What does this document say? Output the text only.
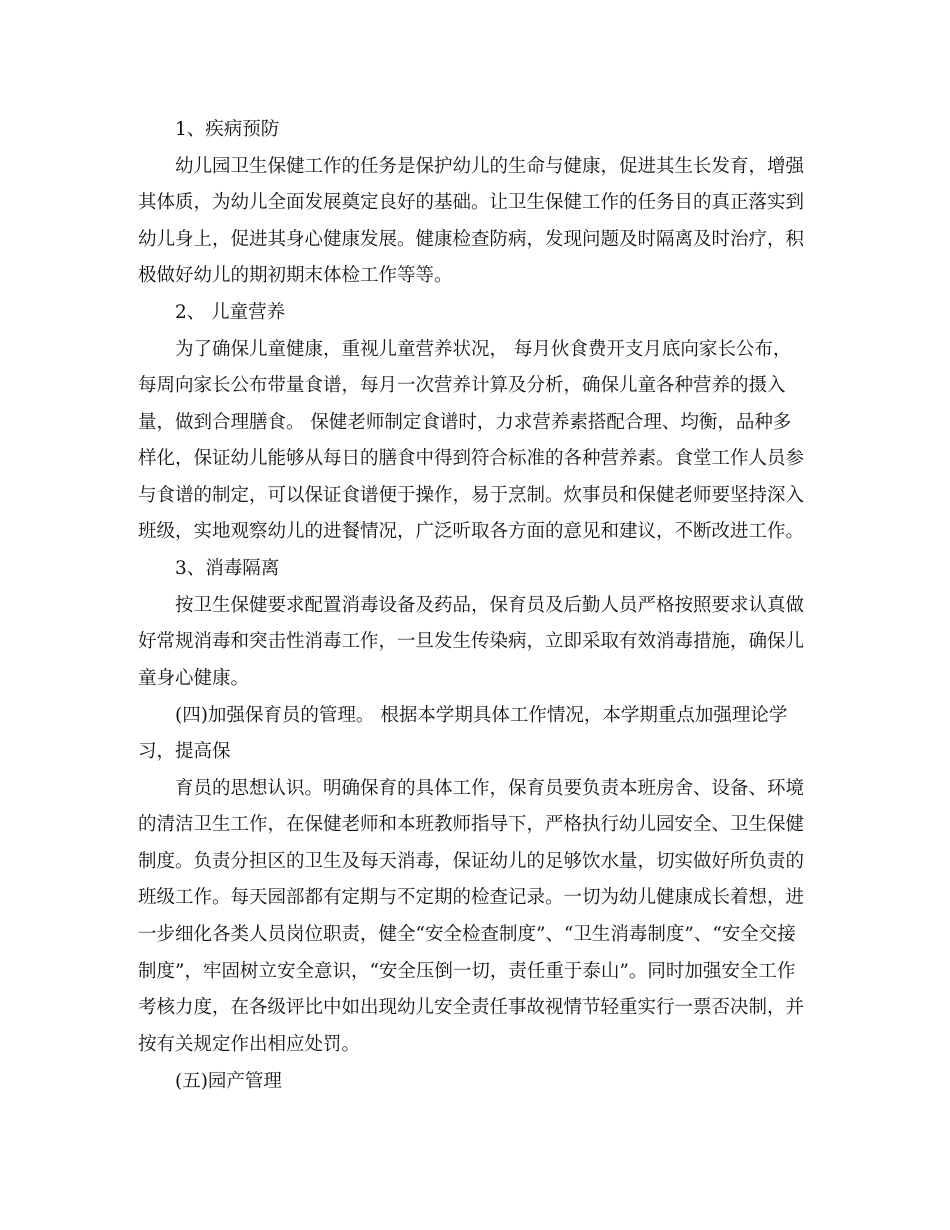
1、疾病预防
幼儿园卫生保健工作的任务是保护幼儿的生命与健康，促进其生长发育，增强
其体质，为幼儿全面发展奠定良好的基础。让卫生保健工作的任务目的真正落实到
幼儿身上，促进其身心健康发展。健康检查防病，发现问题及时隔离及时治疗，积
极做好幼儿的期初期末体检工作等等。
2、 儿童营养
为了确保儿童健康，重视儿童营养状况， 每月伙食费开支月底向家长公布，
每周向家长公布带量食谱，每月一次营养计算及分析，确保儿童各种营养的摄入
量，做到合理膳食。 保健老师制定食谱时，力求营养素搭配合理、均衡，品种多
样化，保证幼儿能够从每日的膳食中得到符合标准的各种营养素。食堂工作人员参
与食谱的制定，可以保证食谱便于操作，易于烹制。炊事员和保健老师要坚持深入
班级，实地观察幼儿的进餐情况，广泛听取各方面的意见和建议，不断改进工作。
3、消毒隔离
按卫生保健要求配置消毒设备及药品，保育员及后勤人员严格按照要求认真做
好常规消毒和突击性消毒工作，一旦发生传染病，立即采取有效消毒措施，确保儿
童身心健康。
(四)加强保育员的管理。 根据本学期具体工作情况，本学期重点加强理论学
习，提高保
育员的思想认识。明确保育的具体工作，保育员要负责本班房舍、设备、环境
的清洁卫生工作，在保健老师和本班教师指导下，严格执行幼儿园安全、卫生保健
制度。负责分担区的卫生及每天消毒，保证幼儿的足够饮水量，切实做好所负责的
班级工作。每天园部都有定期与不定期的检查记录。一切为幼儿健康成长着想，进
一步细化各类人员岗位职责，健全“安全检查制度”、“卫生消毒制度”、“安全交接
制度”，牢固树立安全意识，“安全压倒一切，责任重于泰山”。同时加强安全工作
考核力度，在各级评比中如出现幼儿安全责任事故视情节轻重实行一票否决制，并
按有关规定作出相应处罚。
(五)园产管理
